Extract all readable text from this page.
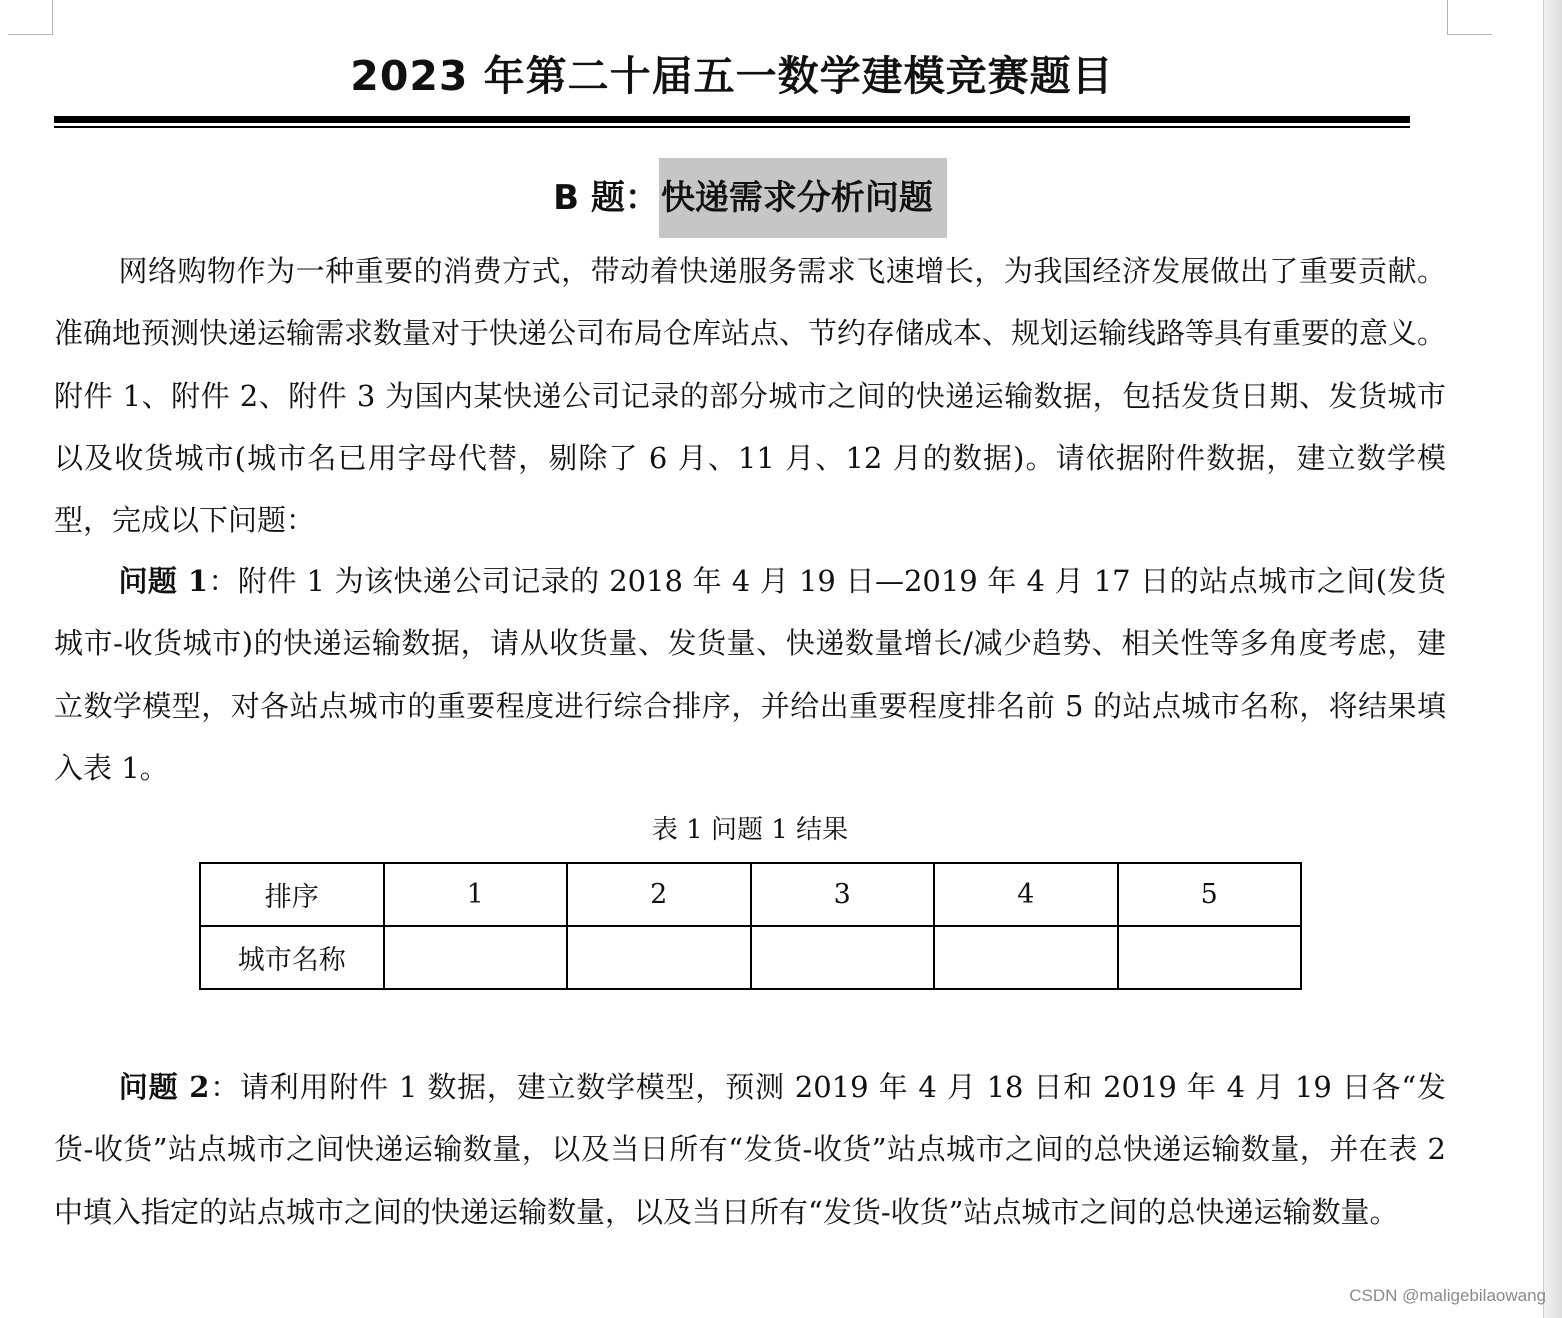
2023 年第二十届五一数学建模竞赛题目
B 题：快递需求分析问题

网络购物作为一种重要的消费方式，带动着快递服务需求飞速增长，为我国经济发展做出了重要贡献。准确地预测快递运输需求数量对于快递公司布局仓库站点、节约存储成本、规划运输线路等具有重要的意义。附件 1、附件 2、附件 3 为国内某快递公司记录的部分城市之间的快递运输数据，包括发货日期、发货城市以及收货城市(城市名已用字母代替，剔除了 6 月、11 月、12 月的数据)。请依据附件数据，建立数学模型，完成以下问题：

问题 1：附件 1 为该快递公司记录的 2018 年 4 月 19 日—2019 年 4 月 17 日的站点城市之间(发货城市-收货城市)的快递运输数据，请从收货量、发货量、快递数量增长/减少趋势、相关性等多角度考虑，建立数学模型，对各站点城市的重要程度进行综合排序，并给出重要程度排名前 5 的站点城市名称，将结果填入表 1。

表 1 问题 1 结果
排序	1	2	3	4	5
城市名称					

问题 2：请利用附件 1 数据，建立数学模型，预测 2019 年 4 月 18 日和 2019 年 4 月 19 日各“发货-收货”站点城市之间快递运输数量，以及当日所有“发货-收货”站点城市之间的总快递运输数量，并在表 2 中填入指定的站点城市之间的快递运输数量，以及当日所有“发货-收货”站点城市之间的总快递运输数量。

CSDN @maligebilaowang
